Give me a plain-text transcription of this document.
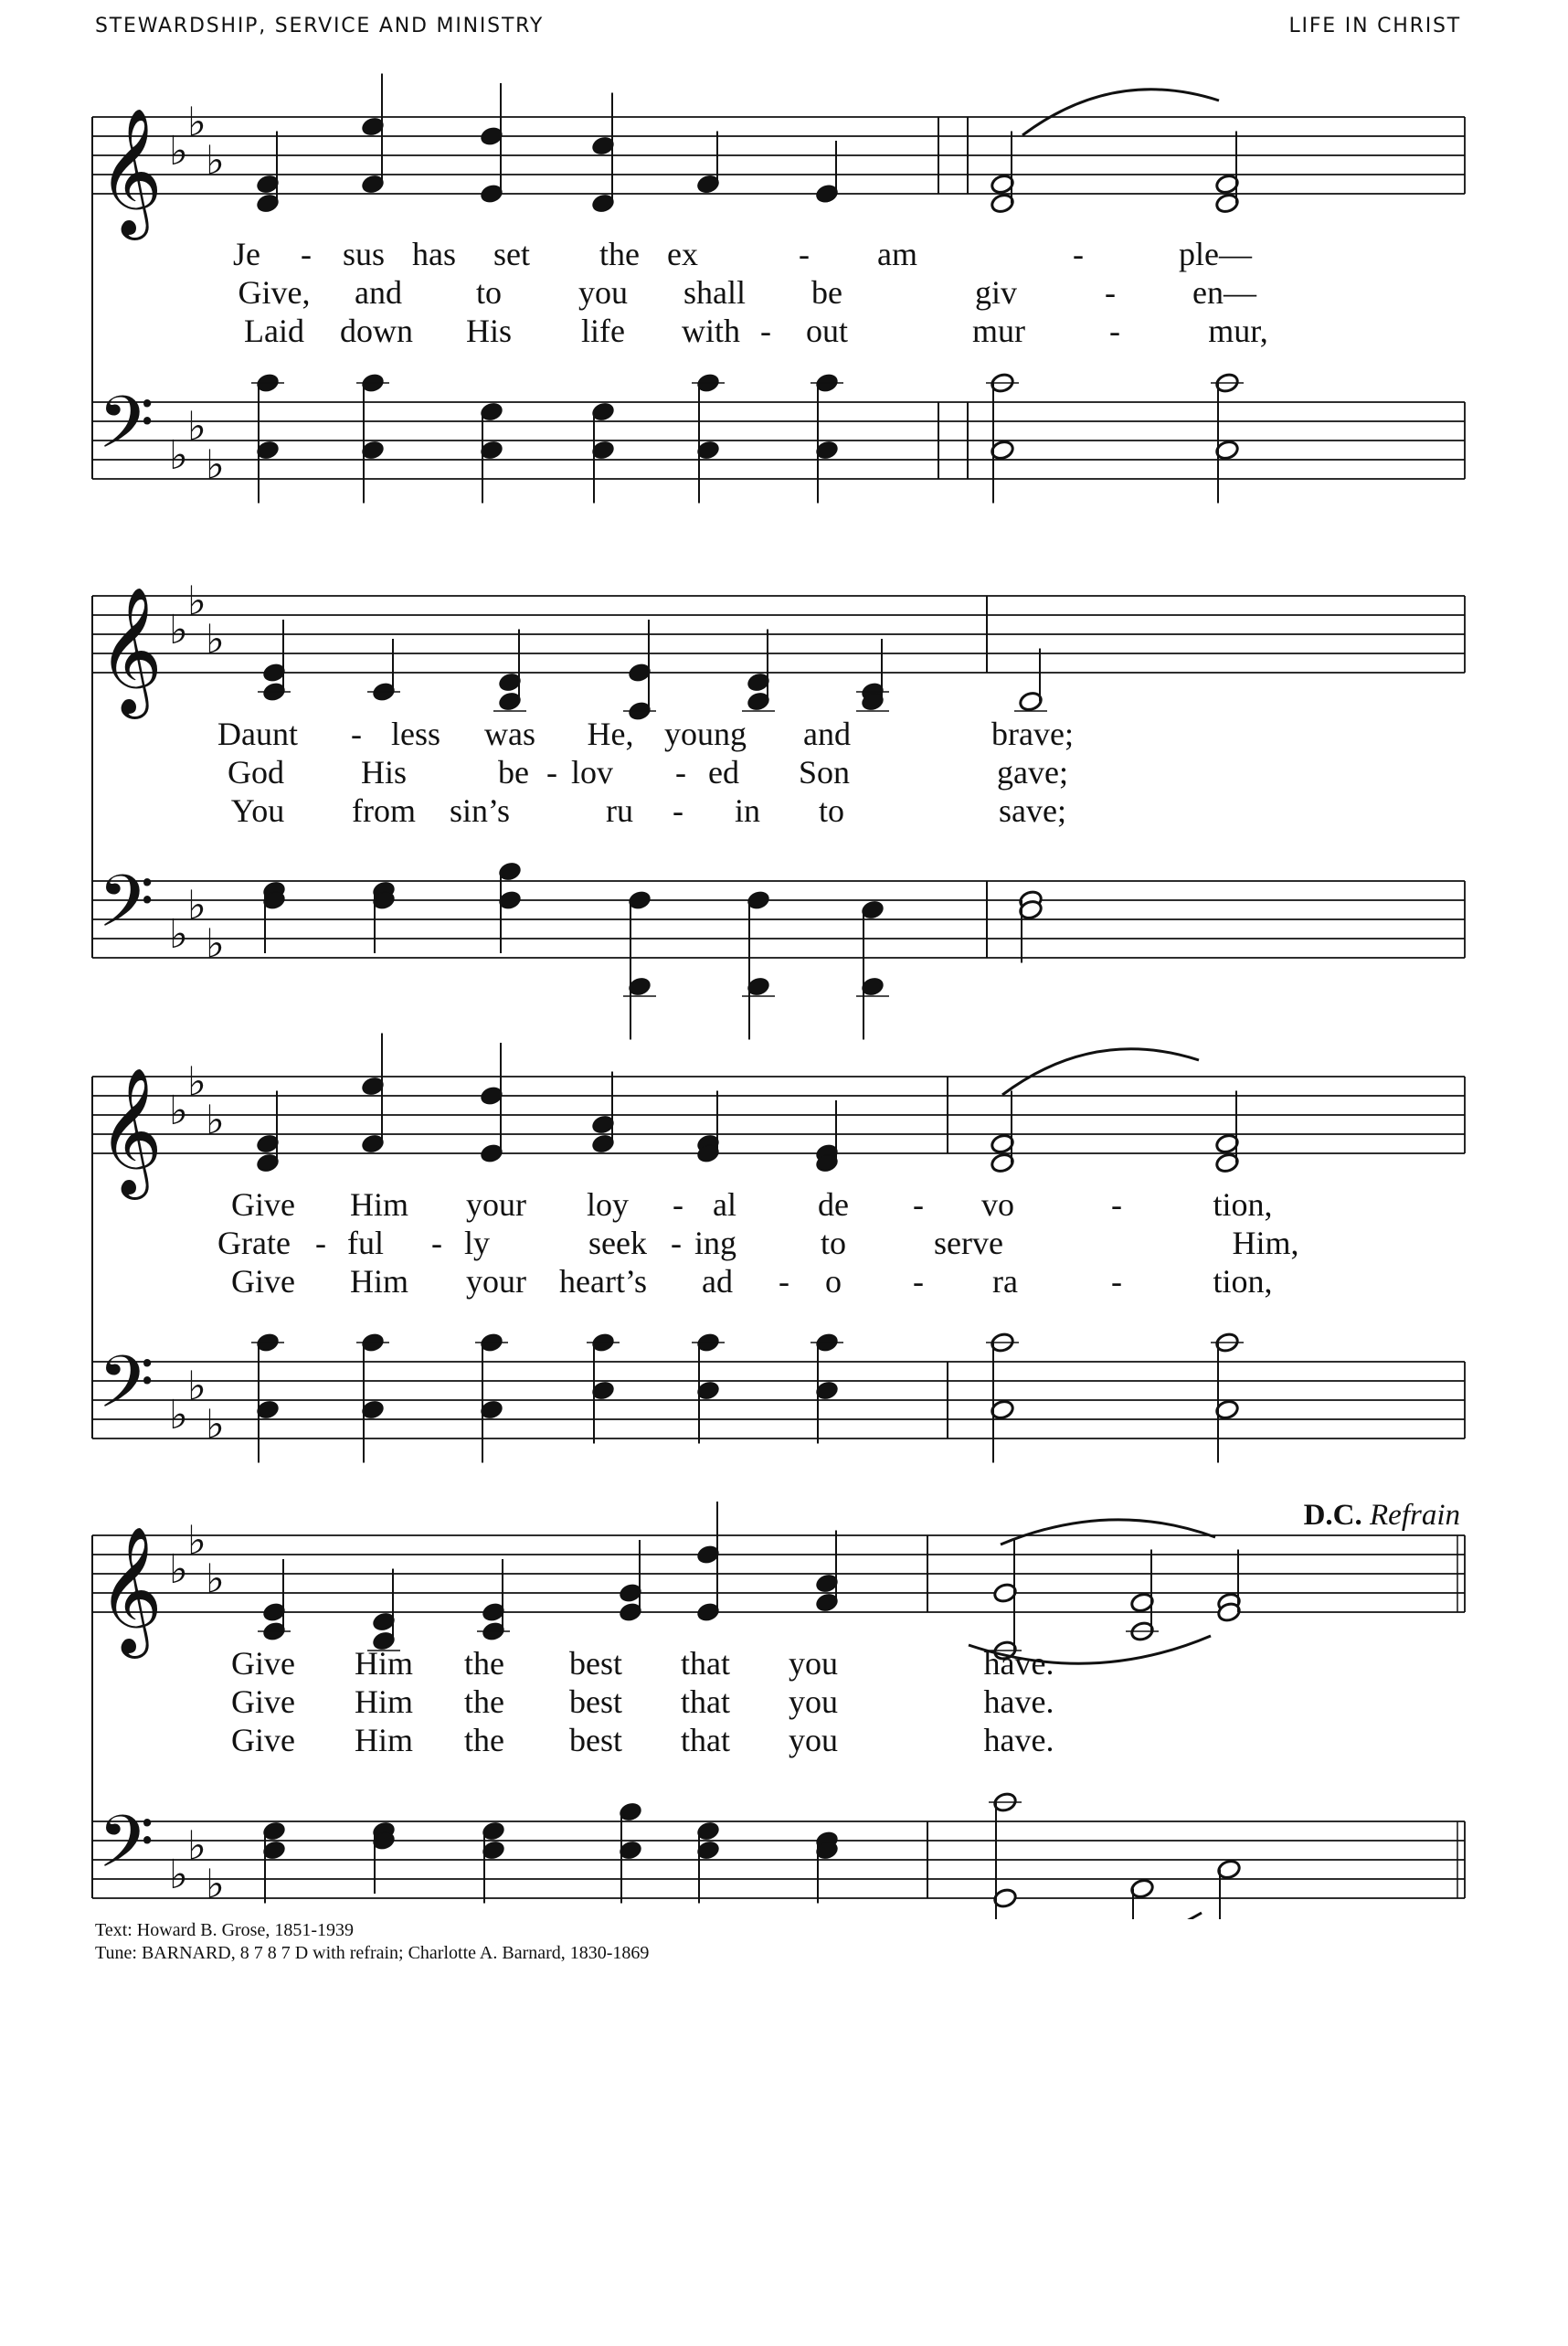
STEWARDSHIP, SERVICE AND MINISTRY	LIFE IN CHRIST
𝄞
𝄢
♭
♭
♭
♭
♭
♭
Je - sus has set the ex	- am	-	ple—
Give, and to you shall be	giv	- en—
Laid down His life with - out	mur	-	mur,
𝄞
𝄢
♭
♭
♭
♭
♭
♭
Daunt - less was He, young and	brave;
God His	be - lov - ed Son	gave;
You from sin’s	ru - in to	save;
𝄞
𝄢
♭
♭
♭
♭
♭
♭
Give Him your loy - al de - vo	-	tion,
Grate - ful - ly	seek - ing	to	serve	Him,
Give Him your heart’s ad - o - ra	-	tion,
𝄞
𝄢
♭
♭
♭
♭
♭
♭
Give Him the best that you	have.
Give Him the best that you	have.
Give Him the best that you	have.
D.C. Refrain
Text: Howard B. Grose, 1851-1939
Tune: BARNARD, 8 7 8 7 D with refrain; Charlotte A. Barnard, 1830-1869
